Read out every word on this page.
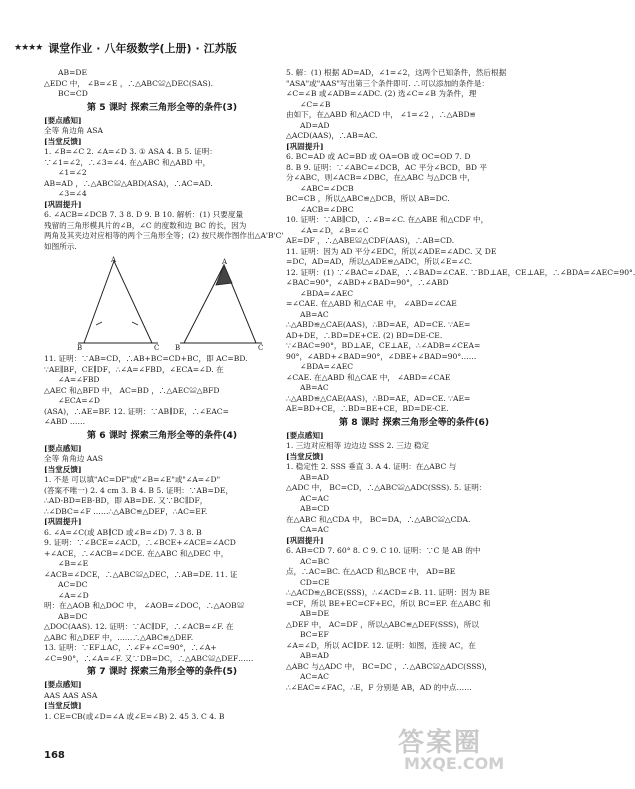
★★★★ 课堂作业 · 八年级数学(上册) · 江苏版
AB=DE
△EDC 中， ∠B=∠E ，∴△ABC≌△DEC(SAS).
BC=CD
第 5 课时 探索三角形全等的条件(3)
[要点感知]
全等 角边角 ASA
[当堂反馈]
1. ∠B=∠C 2. ∠A=∠D 3. ① ASA 4. B 5. 证明：
∵∠1=∠2，∴∠3=∠4. 在△ABC 和△ABD 中，
∠1=∠2
AB=AD ，∴△ABC≌△ABD(ASA)，∴AC=AD.
∠3=∠4
[巩固提升]
6. ∠ACB=∠DCB 7. 3 8. D 9. B 10. 解析：(1) 只要度量
残留的三角形模具片的∠B，∠C 的度数和边 BC 的长，因为
两角及其夹边对应相等的两个三角形全等；(2) 按尺规作图作出△A'B'C'
如图所示.
A
B	C
A
B	C
11. 证明：∵AB=CD，∴AB+BC=CD+BC，即 AC=BD.
∵AE∥BF，CE∥DF，∴∠A=∠FBD，∠ECA=∠D. 在
∠A=∠FBD
△AEC 和△BFD 中， AC=BD ，∴△AEC≌△BFD
∠ECA=∠D
(ASA)，∴AE=BF. 12. 证明：∵AB∥DE，∴∠EAC=
∠ABD ……
第 6 课时 探索三角形全等的条件(4)
[要点感知]
全等 角角边 AAS
[当堂反馈]
1. 不是 可以填"AC=DF"或"∠B=∠E"或"∠A=∠D"
(答案不唯一) 2. 4 cm 3. B 4. B 5. 证明：∵AB=DE，
∴AD-BD=EB-BD，即 AB=DE. 又∵BC∥DF，
∴∠DBC=∠F ……∴△ABC≌△DEF，∴AC=EF.
[巩固提升]
6. ∠A=∠C(或 AB∥CD 或∠B=∠D) 7. 3 8. B
9. 证明：∵∠BCE=∠ACD，∴∠BCE+∠ACE=∠ACD
+∠ACE，∴∠ACB=∠DCE. 在△ABC 和△DEC 中，
∠B=∠E
∠ACB=∠DCE，∴△ABC≌△DEC，∴AB=DE. 11. 证
AC=DC
∠A=∠D
明：在△AOB 和△DOC 中， ∠AOB=∠DOC，∴△AOB≌
AB=DC
△DOC(AAS). 12. 证明：∵AC∥DF，∴∠ACB=∠F. 在
△ABC 和△DEF 中，……∴△ABC≌△DEF.
13. 证明：∵EF⊥AC，∴∠F+∠C=90°，∴∠A+
∠C=90°，∴∠A=∠F. 又∵DB=DC，∴△ABC≌△DEF……
第 7 课时 探索三角形全等的条件(5)
[要点感知]
AAS AAS ASA
[当堂反馈]
1. CE=CB(或∠D=∠A 或∠E=∠B) 2. 45 3. C 4. B
5. 解：(1) 根据 AD=AD，∠1=∠2，这两个已知条件，然后根据
"ASA"或"AAS"写出第三个条件即可. ∴可以添加的条件是：
∠C=∠B 或∠ADB=∠ADC. (2) 选∠C=∠B 为条件，理
∠C=∠B
由如下，在△ABD 和△ACD 中， ∠1=∠2 ，∴△ABD≌
AD=AD
△ACD(AAS)，∴AB=AC.
[巩固提升]
6. BC=AD 或 AC=BD 或 OA=OB 或 OC=OD 7. D
8. B 9. 证明：∵∠ABC=∠DCB，AC 平分∠BCD，BD 平
分∠ABC，则∠ACB=∠DBC，在△ABC 与△DCB 中，
∠ABC=∠DCB
BC=CB ，所以△ABC≌△DCB，所以 AB=DC.
∠ACB=∠DBC
10. 证明：∵AB∥CD，∴∠B=∠C. 在△ABE 和△CDF 中，
∠A=∠D，∠B=∠C
AE=DF ，∴△ABE≌△CDF(AAS)，∴AB=CD.
11. 证明：因为 AD 平分∠EDC，所以∠ADE=∠ADC. 又 DE
=DC，AD=AD，所以△ADE≌△ADC，所以∠E=∠C.
12. 证明：(1) ∵∠BAC=∠DAE，∴∠BAD=∠CAE. ∵BD⊥AE，CE⊥AE，∴∠BDA=∠AEC=90°.
∠BAC=90°，∠ABD+∠BAD=90°，∴∠ABD
∠BDA=∠AEC
=∠CAE. 在△ABD 和△CAE 中， ∠ABD=∠CAE
AB=AC
∴△ABD≌△CAE(AAS)，∴BD=AE，AD=CE. ∵AE=
AD+DE，∴BD=DE+CE. (2) BD=DE-CE.
∵∠BAC=90°，BD⊥AE，CE⊥AE，∴∠ADB=∠CEA=
90°，∠ABD+∠BAD=90°，∠DBE+∠BAD=90°……
∠BDA=∠AEC
∠CAE. 在△ABD 和△CAE 中， ∠ABD=∠CAE
AB=AC
∴△ABD≌△CAE(AAS)，∴BD=AE，AD=CE. ∵AE=
AE=BD+CE，∴BD=BE+CE，BD=DE-CE.
第 8 课时 探索三角形全等的条件(6)
[要点感知]
1. 三边对应相等 边边边 SSS 2. 三边 稳定
[当堂反馈]
1. 稳定性 2. SSS 垂直 3. A 4. 证明：在△ABC 与
AB=AD
△ADC 中， BC=CD，∴△ABC≌△ADC(SSS). 5. 证明：
AC=AC
AB=CD
在△ABC 和△CDA 中， BC=DA，∴△ABC≌△CDA.
CA=AC
[巩固提升]
6. AB=CD 7. 60° 8. C 9. C 10. 证明：∵C 是 AB 的中
AC=BC
点，∴AC=BC. 在△ACD 和△BCE 中， AD=BE
CD=CE
∴△ACD≌△BCE(SSS)，∴∠ACD=∠B. 11. 证明：因为 BE
=CF，所以 BE+EC=CF+EC，所以 BC=EF. 在△ABC 和
AB=DE
△DEF 中， AC=DF ，所以△ABC≌△DEF(SSS)，所以
BC=EF
∠A=∠D，所以 AC∥DF. 12. 证明：如图，连接 AC，在
AB=AD
△ABC 与△ADC 中， BC=DC ，∴△ABC≌△ADC(SSS)，
AC=AC
∴∠EAC=∠FAC，∴E，F 分别是 AB，AD 的中点……
168	答案圈
MXQE.COM
